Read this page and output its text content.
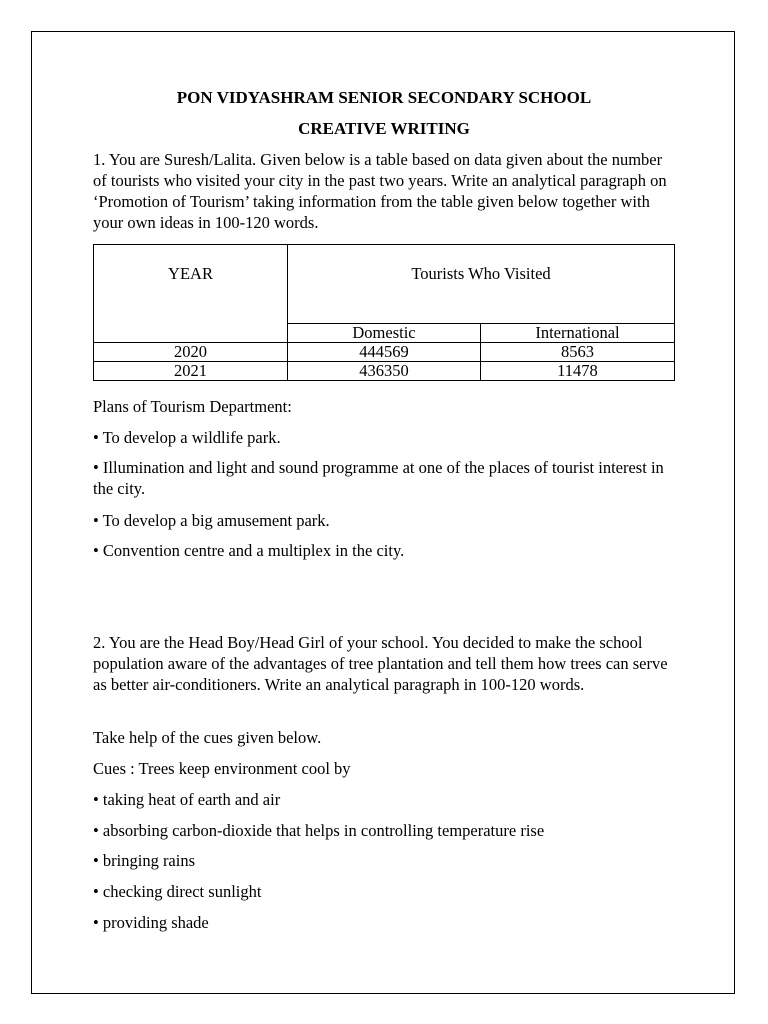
PON VIDYASHRAM SENIOR SECONDARY SCHOOL
CREATIVE WRITING

1. You are Suresh/Lalita. Given below is a table based on data given about the number of tourists who visited your city in the past two years. Write an analytical paragraph on ‘Promotion of Tourism’ taking information from the table given below together with your own ideas in 100-120 words.

YEAR	Tourists Who Visited	
	Domestic	International
2020	444569	8563
2021	436350	11478

Plans of Tourism Department:

• To develop a wildlife park.

• Illumination and light and sound programme at one of the places of tourist interest in the city.

• To develop a big amusement park.

• Convention centre and a multiplex in the city.

2. You are the Head Boy/Head Girl of your school. You decided to make the school population aware of the advantages of tree plantation and tell them how trees can serve as better air-conditioners. Write an analytical paragraph in 100-120 words.

Take help of the cues given below.

Cues : Trees keep environment cool by

• taking heat of earth and air

• absorbing carbon-dioxide that helps in controlling temperature rise

• bringing rains

• checking direct sunlight

• providing shade
